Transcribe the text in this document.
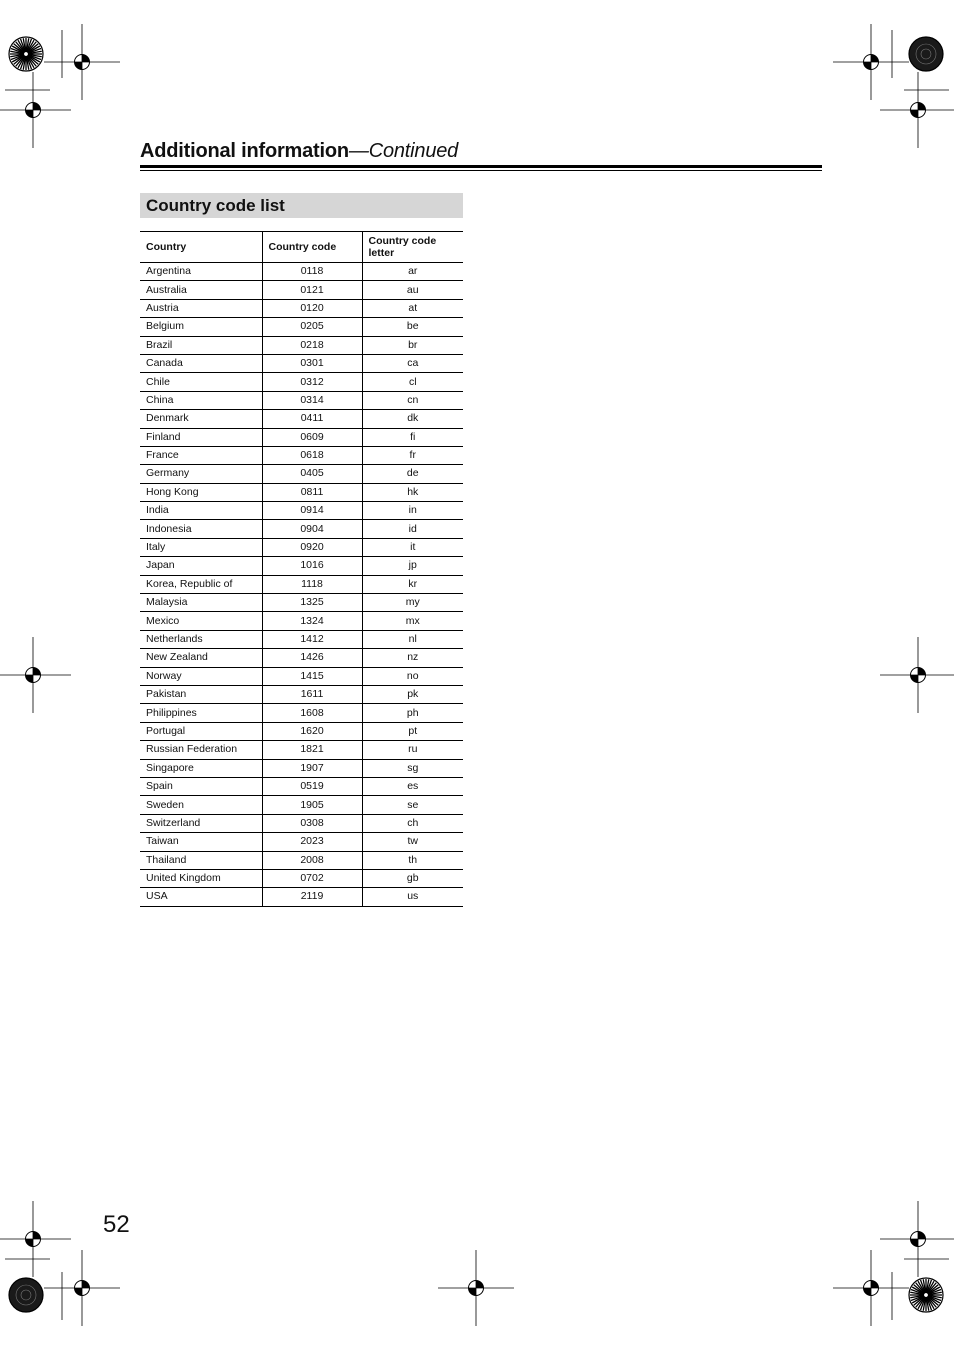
Additional information—Continued
Country code list
Country	Country code	Country code letter
Argentina	0118	ar
Australia	0121	au
Austria	0120	at
Belgium	0205	be
Brazil	0218	br
Canada	0301	ca
Chile	0312	cl
China	0314	cn
Denmark	0411	dk
Finland	0609	fi
France	0618	fr
Germany	0405	de
Hong Kong	0811	hk
India	0914	in
Indonesia	0904	id
Italy	0920	it
Japan	1016	jp
Korea, Republic of	1118	kr
Malaysia	1325	my
Mexico	1324	mx
Netherlands	1412	nl
New Zealand	1426	nz
Norway	1415	no
Pakistan	1611	pk
Philippines	1608	ph
Portugal	1620	pt
Russian Federation	1821	ru
Singapore	1907	sg
Spain	0519	es
Sweden	1905	se
Switzerland	0308	ch
Taiwan	2023	tw
Thailand	2008	th
United Kingdom	0702	gb
USA	2119	us
52
